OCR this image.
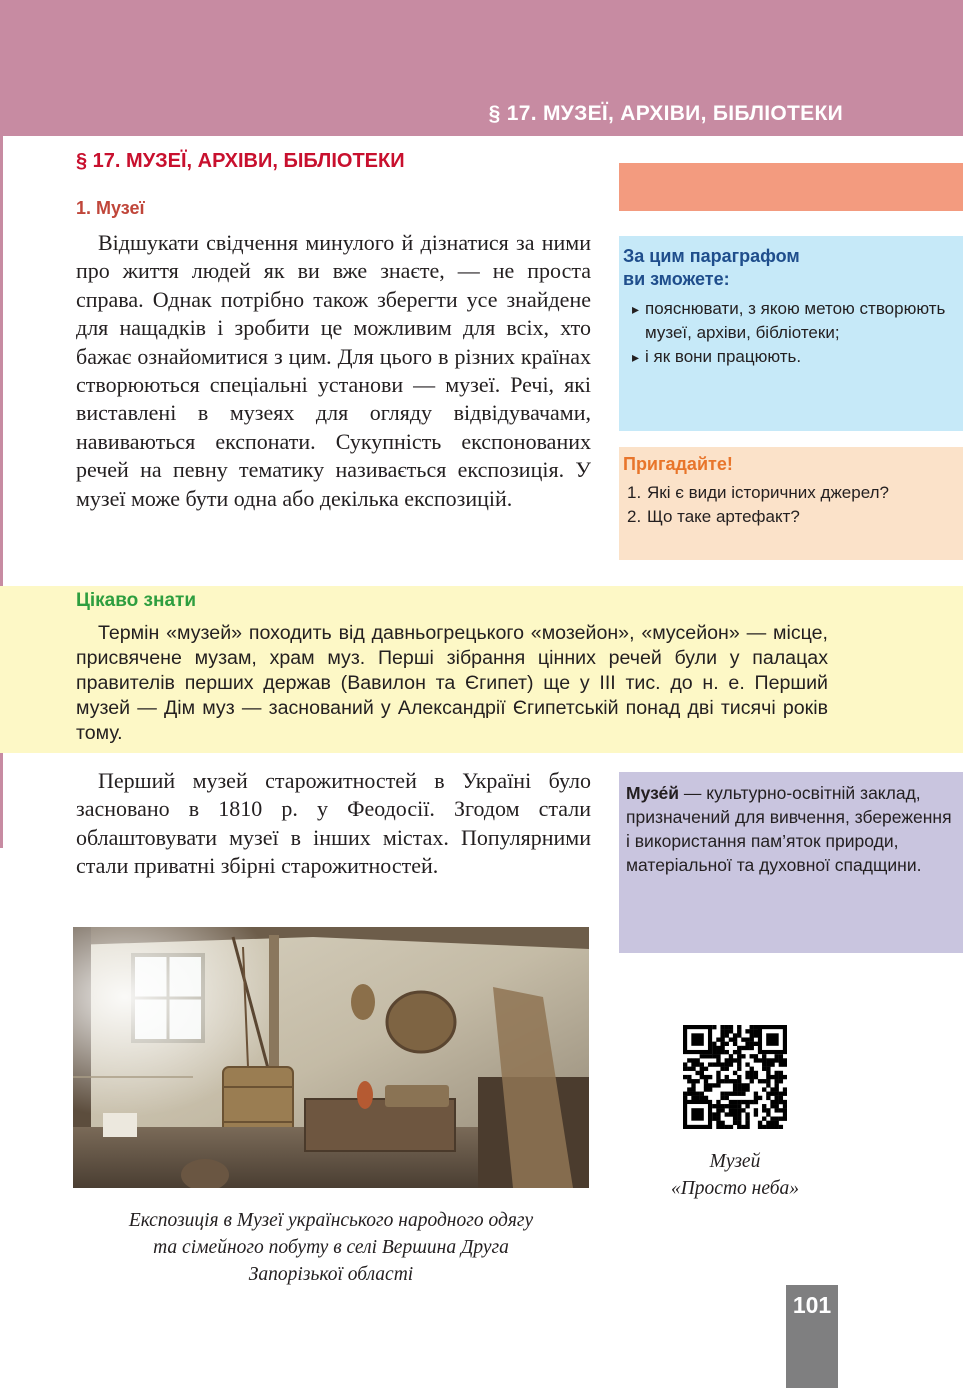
§ 17. МУЗЕЇ, АРХІВИ, БІБЛІОТЕКИ
§ 17. МУЗЕЇ, АРХІВИ, БІБЛІОТЕКИ
1. Музеї

Відшукати свідчення минулого й дізнатися за ними про життя людей як ви вже знаєте, — не проста справа. Однак потрібно також зберегти усе знайдене для нащадків і зробити це можливим для всіх, хто бажає ознайомитися з цим. Для цього в різних країнах створюються спеціальні установи — музеї. Речі, які виставлені в музеях для огляду відвідувачами, навиваються експонати. Сукупність експонованих речей на певну тематику називається експозиція. У музеї може бути одна або декілька експозицій.

За цим параграфом
ви зможете:
▸ пояснювати, з якою метою створюють музеї, архіви, бібліотеки;
▸ і як вони працюють.
Пригадайте!
1. Які є види історичних джерел?
2. Що таке артефакт?
Цікаво знати

Термін «музей» походить від давньогрецького «мозейон», «мусейон» — місце, присвячене музам, храм муз. Перші зібрання цінних речей були у палацах правителів перших держав (Вавилон та Єгипет) ще у ІІІ тис. до н. е. Перший музей — Дім муз — заснований у Александрії Єгипетській понад дві тисячі років тому.

Перший музей старожитностей в Україні було засновано в 1810 р. у Феодосії. Згодом стали облаштовувати музеї в інших містах. Популярними стали приватні збірні старожитностей.

Музе́й — культурно-освітній заклад, призначений для вивчення, збереження і використання пам’яток природи, матеріальної та духовної спадщини.
Експозиція в Музеї українського народного одягу
та сімейного побуту в селі Вершина Друга
Запорізької області
Музей
«Просто неба»
101
